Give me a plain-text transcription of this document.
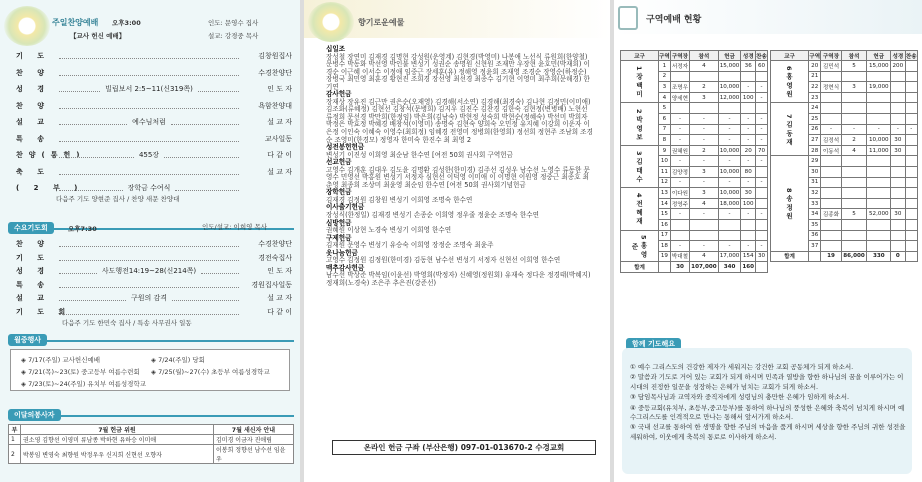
주일찬양예배 오후3:00	인도: 문영수 집사
【교사 헌신 예배】	설교: 강경중 목사
기 도	김창원집사
찬 양	수경찬양단
성 경	빌립보서 2:5~11(신319쪽)	인 도 자
찬 양	욕함찬양대
설 교	예수님처럼	설 교 자
특 송	교사일동
찬양(통헌)	455장	다 같 이
축 도	설 교 자
( 2 부 )	장학금 수여식
다음주 기도 양현준 집사 / 찬양 새문 찬양대
수요기도회	오후7:30	인도/설교: 이희영 목사
찬 양	수경찬양단
기 도	경전숙집사
성 경	사도행전14:19~28(신214쪽)	인 도 자
특 송	경원집사일동
설 교	구원의 감격	설 교 자
기 도 회	다 같 이
다음주 기도 한민숙 집사 / 특송 사무권사 일동
월중행사
◈ 7/17(주일) 교사헌신예배
◈ 7/21(목)~23(토) 중고등부 여름수련회
◈ 7/23(토)~24(주일) 유치부 여름성경학교
◈ 7/24(주일) 당회
◈ 7/25(월)~27(수) 초등부 여름성경학교
이달의봉사자
부	7월 헌금 위원	7월 새신자 안내
1	권소영 김향선 이영미 류남종 박하현 유하승 이미애	김미경 이금자 진애림
2	박봉임 변영숙 최향원 박정우우 신지희 신현선 오향자	이봉희 정향선 남수선 임윤우
향기로운예물
십일조
장성철 장연미 김재경 김명현 강성원(운영계) 김현경(박영미) 나봉애 노선식 류원희(한양철) 문병수 박동화 박선영 박인불 변성기 성권순 송명원 신현원 조재만 우장현 윤호민(박재희) 이경순 이근혜 이서수 이정애 임중근 장세훈(유) 정해영 정윤희 조재영 조경순 장영순(하정순) 장병국 최민영 최훈경 황현진 조희경 장선영 최선경 최종수 김기현 이영미 최주희(문해경) 한기연
감사헌금
장재상 장유진 김근만 권은순(오재영) 김경해(서소연) 김경해(최경숙) 김나현 김정민(이미애) 김조화(류혜정) 김현선 김창석(문병희) 김지우 김진수 김찬경 김한숙 김현정(변병배) 노현선 류정희 문선경 박만희(한정임) 박은희(김남숙) 박현정 성숙희 박현순(정혜숙) 박선미 박희자 박정은 박효정 박혜경 배창석(이영미) 송명숙 김현숙 양희숙 오민정 유지혜 이강희 이운자 이은정 이인숙 이혜숙 이영수(최희정) 임혜경 전영미 정병희(한영희) 정선희 정현주 조남희 조경순 조영미(한경모) 정영자 한미숙 한진수 최 최영 2
성전봉헌헌금
변성기 이진성 이희영 최순남 한수연 [여전 50회 권사회 구역헌금
선교헌금
고영수 김개훈 김대우 김도윤 김명환 김성한(한미경) 김주선 김성우 남수선 노영수 류동한 문영수 민영선 박홍원 변성기 서정자 심현선 이덕영 이미애 이 이명현 이원영 정중근 최종호 최춘영 최종희 조상미 최윤영 최순임 한수연 [여전 50회 권사회기념헌금
장학헌금
김재경 김정원 김창원 변성기 이희영 조명숙 한수연
이사출기헌금
장성식(한정일) 김재경 변성기 손종순 이희영 정우줄 정윤순 조명숙 한수연
심방헌금
권혜원 이상현 노경숙 변성기 이희영 한수연
구제헌금
김재원 문영수 변성기 유승숙 이희영 장정순 조명숙 최윤주
옷나눔헌금
고영수 김정원 김정원(한미경) 김동현 남수선 변성기 서정자 신현선 이희영 한수연
맥추감사헌금
남수선 박상준 박복임(이윤선) 박영희(박정자) 신혜영(정원회) 유재숙 정다운 정경태(박혜지) 정재희(노경숙) 조은주 추은진(강준선)
온라인 헌금 구좌 (부산은행) 097-01-013670-2 수경교회
구역예배 현황
교구	구역	구역장	참석	헌금	성경	찬송
1 장 백 미	1	서정자	4	15,000	36	60
	2					
	3	조명우	2	10,000	-	-
	4	양세현	3	12,000	100	-
2 박 영 보	5					
	6	-	-	-	-	-
	7	-	-	-	-	-
	8	-	-	-	-	-
3 김 태 수	9	권혜원	2	10,000	20	70
	10	-	-	-	-	-
	11	김양정	3	10,000	80	
	12	-	-	-	-	-
4 전 혜 재	13	이다원	3	10,000	30	
	14	정영주	4	18,000	100	
	15	-	-	-	-	-
	16					
5 홍 영 준	17					
	18	-	-	-	-	-
	19	박대철	4	17,000	154	30
합계		30	107,000	340	160	
교구	구역	구역장	참석	헌금	성경	찬송
6 홍 영 원	20	김민석	5	15,000	200	
	21					
	22	정현식	3	19,000		
	23					
7 김 동 재	24					
	25					
	26	-	-	-	-	-
	27	김정석	2	10,000	30	
	28	이동석	4	11,000	30	
8 송 정 원	29					
	30					
	31					
	32					
	33					
	34	김종화	5	52,000	30	
	35					
	36					
	37					
합계		19	86,000	330	0	
함께 기도해요
① 예수 그리스도의 건강한 제자가 세워지는 강건한 교회 공동체가 되게 하소서.
② 말씀과 기도로 거어 있는 교회가 되게 하시며 민족과 열방을 향한 하나님의 꿈을 이루어가는 이 시대의 진정한 일꾼을 성장하는 은혜가 넘치는 교회가 되게 하소서.
③ 담임목사님과 교역자와 중직자에게 성령님의 충만한 은혜가 임하게 하소서.
④ 중등교회(유치부, 초등부,중고등부)를 통하여 하나님의 풍성한 은혜와 축복이 넘치게 하시며 예수그리스도를 인격적으로 만나는 통해서 앞서가게 하소서.
⑤ 국내 선교를 통하여 한 생명을 향한 주님의 마음을 품게 하시며 세상을 향한 주님의 귀한 성전을 세워하여, 이웃에게 축복의 통로로 이사하게 하소서.
